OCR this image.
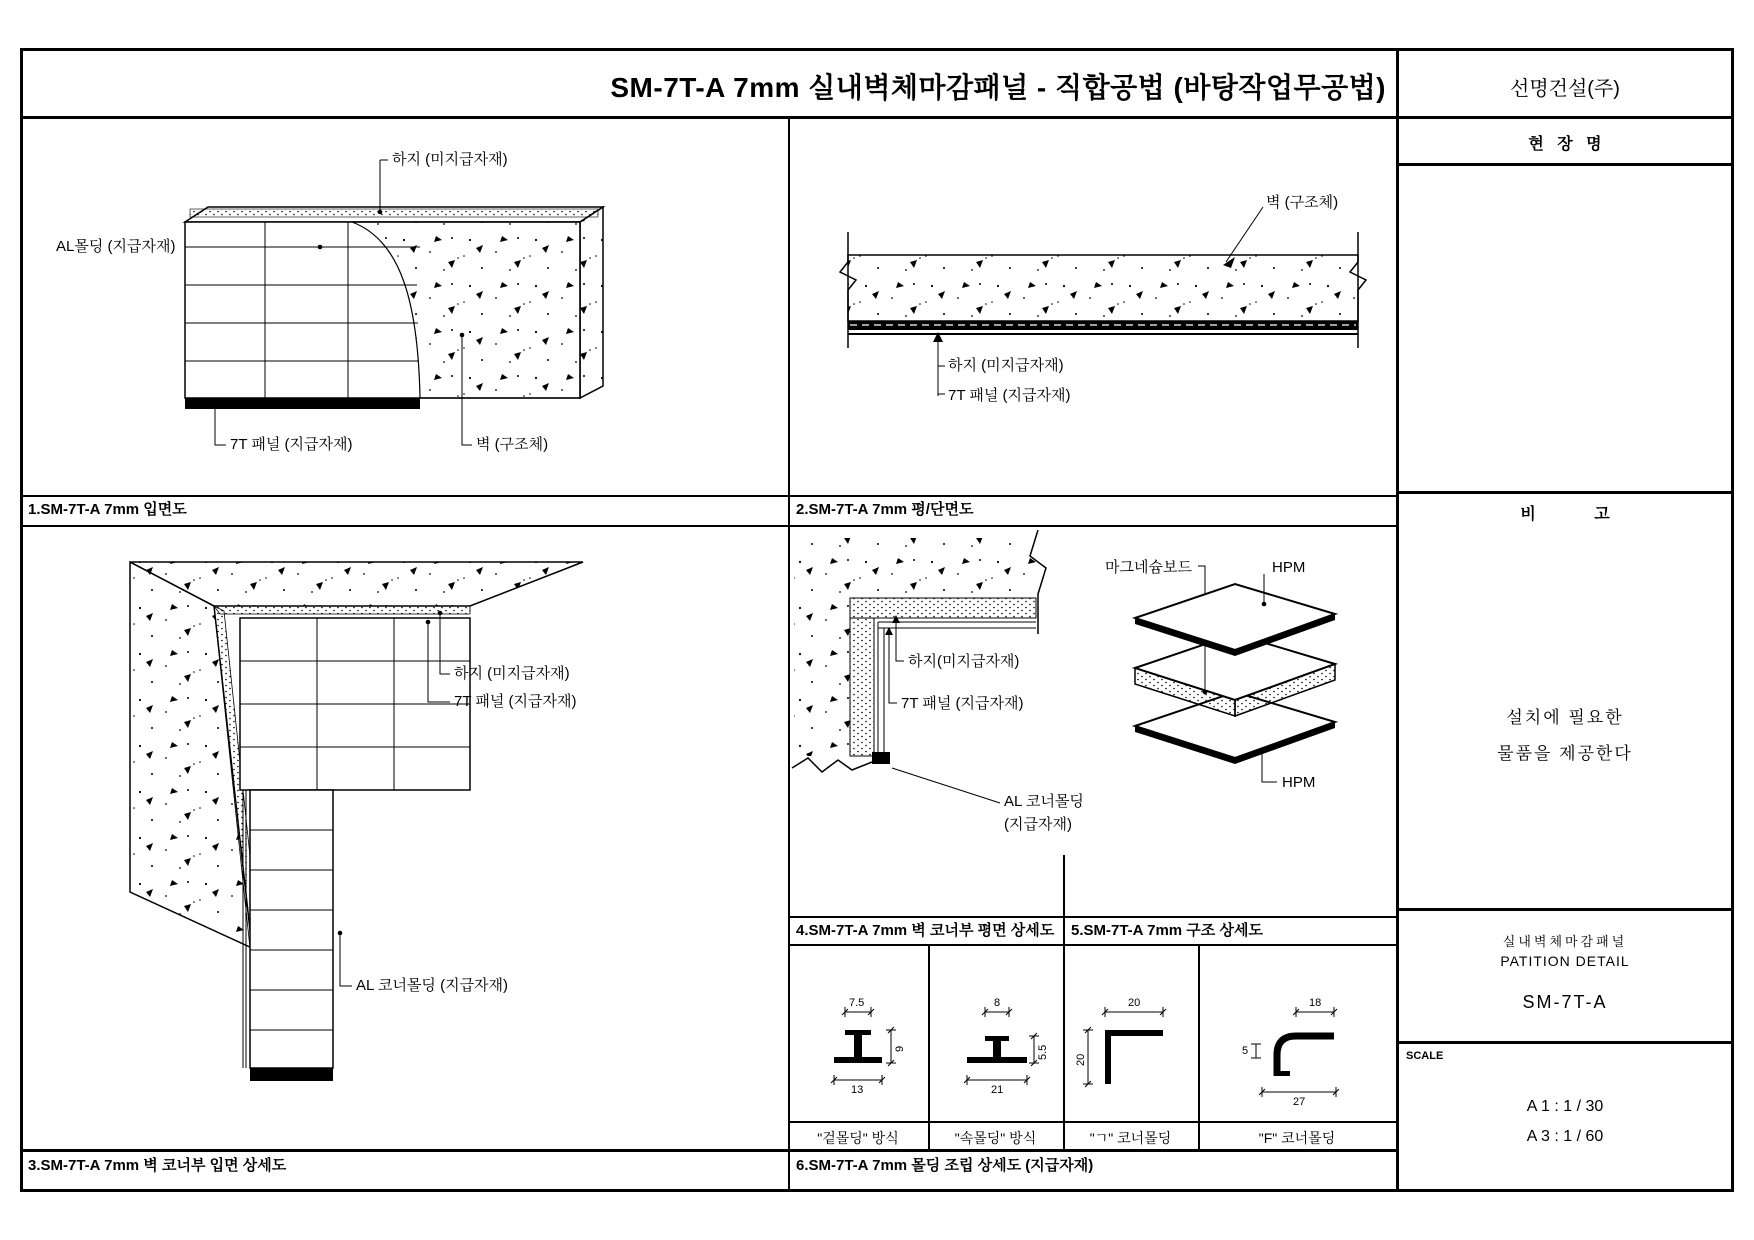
SM-7T-A 7mm 실내벽체마감패널 - 직합공법 (바탕작업무공법)	선명건설(주)
현 장 명
비 고
설치에 필요한
물품을 제공한다
실내벽체마감패널
PATITION DETAIL
SM-7T-A
SCALE
A 1 : 1 / 30
A 3 : 1 / 60
1.SM-7T-A 7mm 입면도	2.SM-7T-A 7mm 평/단면도
3.SM-7T-A 7mm 벽 코너부 입면 상세도
4.SM-7T-A 7mm 벽 코너부 평면 상세도 5.SM-7T-A 7mm 구조 상세도
6.SM-7T-A 7mm 몰딩 조립 상세도 (지급자재)
하지 (미지급자재)
AL몰딩 (지급자재)
7T 패널 (지급자재)	벽 (구조체)
벽 (구조체)
하지 (미지급자재)
7T 패널 (지급자재)
하지 (미지급자재)
7T 패널 (지급자재)
AL 코너몰딩 (지급자재)
하지(미지급자재)
7T 패널 (지급자재)
AL 코너몰딩
(지급자재)
마그네슘보드	HPM
HPM
7.5
9
13
8
5.5
21
20
20
18
5
27
"겉몰딩" 방식	"속몰딩" 방식	"ㄱ" 코너몰딩	"F" 코너몰딩
